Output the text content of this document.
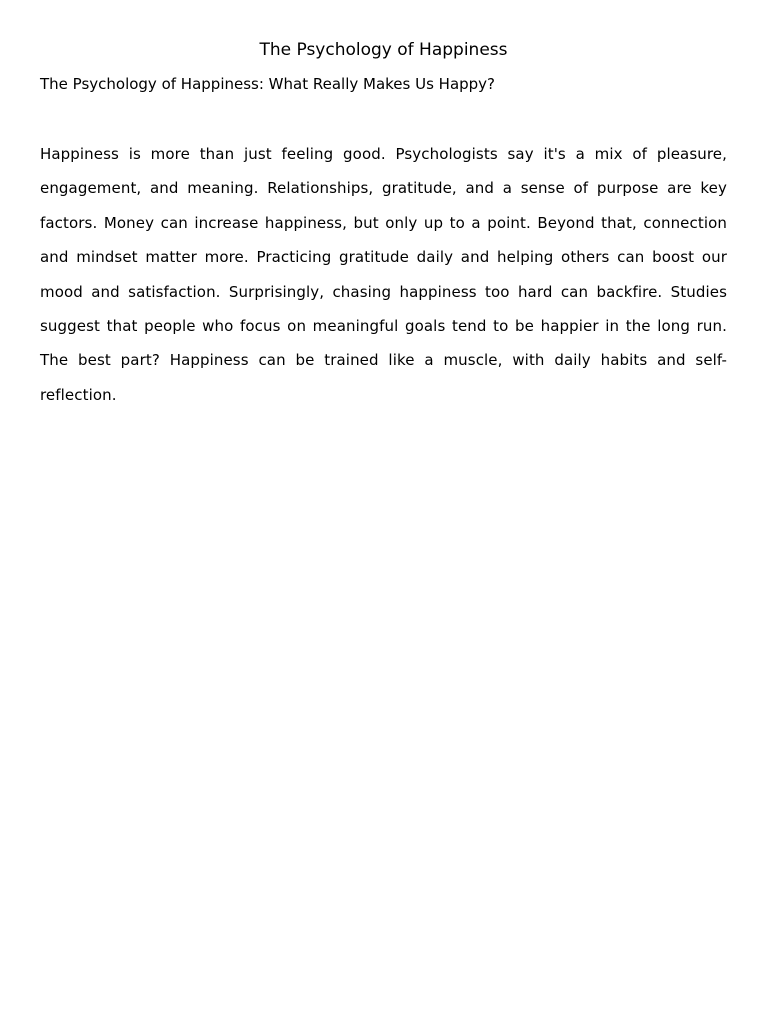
The Psychology of Happiness
The Psychology of Happiness: What Really Makes Us Happy?

Happiness is more than just feeling good. Psychologists say it's a mix of pleasure, engagement, and meaning. Relationships, gratitude, and a sense of purpose are key factors. Money can increase happiness, but only up to a point. Beyond that, connection and mindset matter more. Practicing gratitude daily and helping others can boost our mood and satisfaction. Surprisingly, chasing happiness too hard can backfire. Studies suggest that people who focus on meaningful goals tend to be happier in the long run. The best part? Happiness can be trained like a muscle, with daily habits and self-reflection.
